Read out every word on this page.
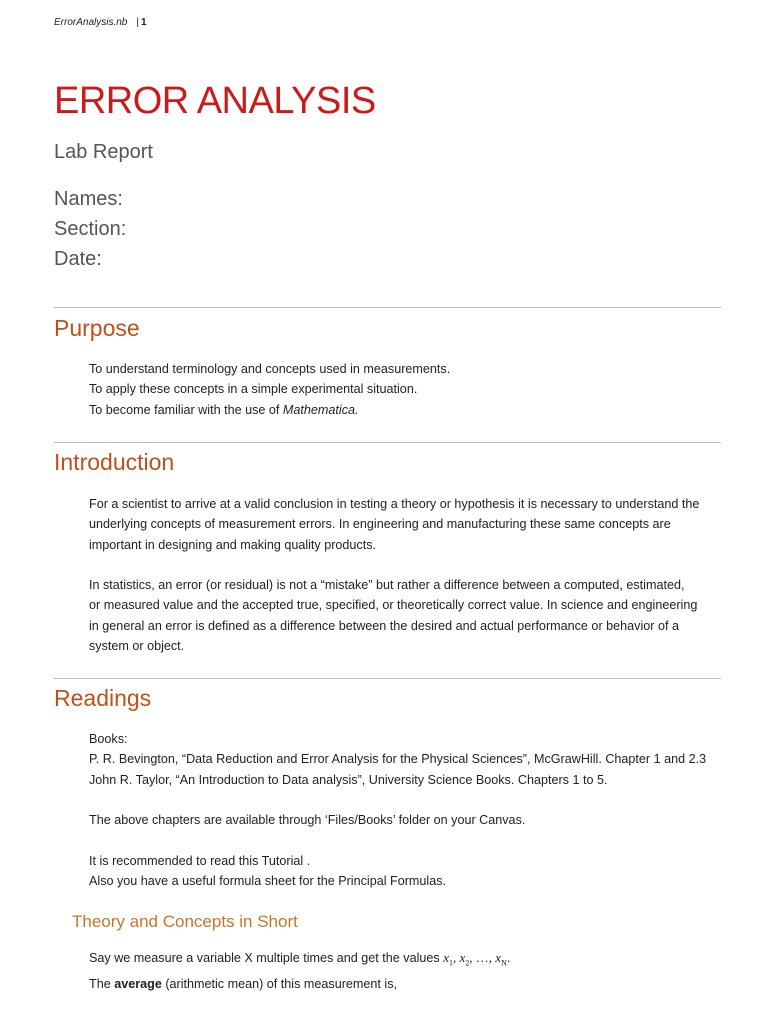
ErrorAnalysis.nb | 1
ERROR ANALYSIS
Lab Report
Names:
Section:
Date:
Purpose
To understand terminology and concepts used in measurements.
To apply these concepts in a simple experimental situation.
To become familiar with the use of Mathematica.
Introduction
For a scientist to arrive at a valid conclusion in testing a theory or hypothesis it is necessary to understand the
underlying concepts of measurement errors. In engineering and manufacturing these same concepts are
important in designing and making quality products.
In statistics, an error (or residual) is not a “mistake” but rather a difference between a computed, estimated,
or measured value and the accepted true, specified, or theoretically correct value. In science and engineering
in general an error is defined as a difference between the desired and actual performance or behavior of a
system or object.
Readings
Books:
P. R. Bevington, “Data Reduction and Error Analysis for the Physical Sciences”, McGrawHill. Chapter 1 and 2.3
John R. Taylor, “An Introduction to Data analysis”, University Science Books. Chapters 1 to 5.
The above chapters are available through ‘Files/Books’ folder on your Canvas.
It is recommended to read this Tutorial .
Also you have a useful formula sheet for the Principal Formulas.
Theory and Concepts in Short
Say we measure a variable X multiple times and get the values $x_1$, $x_2$, …, $x_N$.
The average (arithmetic mean) of this measurement is,
